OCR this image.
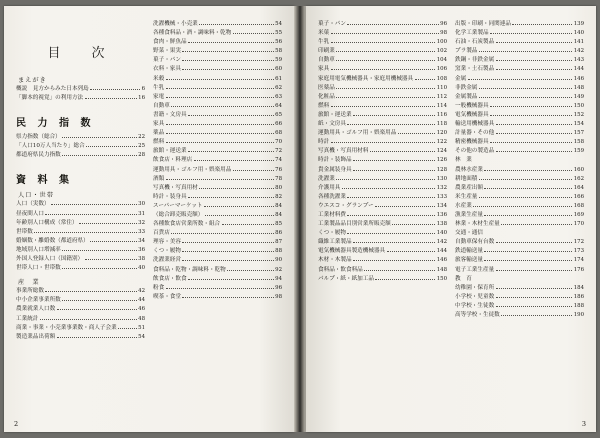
目　次
まえがき
概説　見方からみた日本列島	6
「脚本的視覚」の利用方法	16
民 力 指 数
県力指数（総合）	22
「人口10万人当たり」総合	25
都道府県民力指数	28
資 料 集
人口・世帯
人口（実数）	30
昼夜間人口	31
年齢別人口構成（常住）	32
世帯数	33
婚姻数・離婚数（都道府県）	34
地域別人口増減率	36
外国人登録人口（国籍別）	38
世帯人口・世帯数	40
産　業
事業所総数	42
中小企業事業所数	44
農業就業人口数	46
工業統計	48
商業・事業・小売業事業数・商人子会業	51
製造業品出荷額	54
洗濯機械・小売業	54
各種食料品・酒・調味料・乾物	55
食肉・鮮魚品	56
野菜・果実	58
菓子・パン	59
衣料・家具	60
米穀	61
牛乳	62
家電	63
自動車	64
書籍・文房具	65
家具	66
薬品	68
燃料	70
旅館・運送業	72
飲食店・料理店	74
運動用具・ゴルフ用・娯楽用品	76
酒類	78
写真機・写真用材	80
時計・装身具	82
スーパーマーケット	84
（総合卸売販売額）	84
各種飲食店営業所数・組合	85
百貨店	86
理容・美容	87
くつ・履物	88
洗濯業経営	90
食料品・乾物・調味料・乾物	92
飲食店・飲食	94
粉食	96
喫茶・食堂	98
2
菓子・パン	96
米菓	98
牛乳	100
印刷業	102
自動車	104
家具	106
家庭用電気機械器具・家庭用機械器具	108
医薬品	110
化粧品	112
燃料	114
旅館・運送業	116
紙・文房具	118
運動用具・ゴルフ用・娯楽用品	120
時計	122
写真機・写真用材料	124
時計・装飾品	126
貴金属装身具	128
洗濯業	130
介護用具	132
各種洗濯業	133
ウエスコ・グランプー	134
工業材料費	136
工業製品品目別営業所販売額	138
くつ・履物	140
織維工業製品	142
電気機械器具製造機械器具	144
木材・木製品	146
食料品・飲食料品	148
パルプ・紙・紙加工品	150
出版・印刷・同関連品	139
化学工業製品	140
石油・石炭製品	141
プラ製品	142
鉄鋼・非鉄金属	143
窯業・土石製品	144
金属	146
非鉄金属	148
金属製品	149
一般機械器具	150
電気機械器具	152
輸送用機械器具	154
計量器・その他	157
精密機械器具	158
その他の製造品	159
林　業
農林水産業	160
耕地面積	162
農業産出額	164
米生産量	166
水産業	168
漁業生産量	169
林業・木材生産量	170
交通・通信
自動車保有台数	172
鉄道輸送量	173
旅客輸送量	174
電子工業生産量	176
教　育
幼稚園・保育所	184
小学校・児童数	186
中学校・生徒数	188
高等学校・生徒数	190
3
